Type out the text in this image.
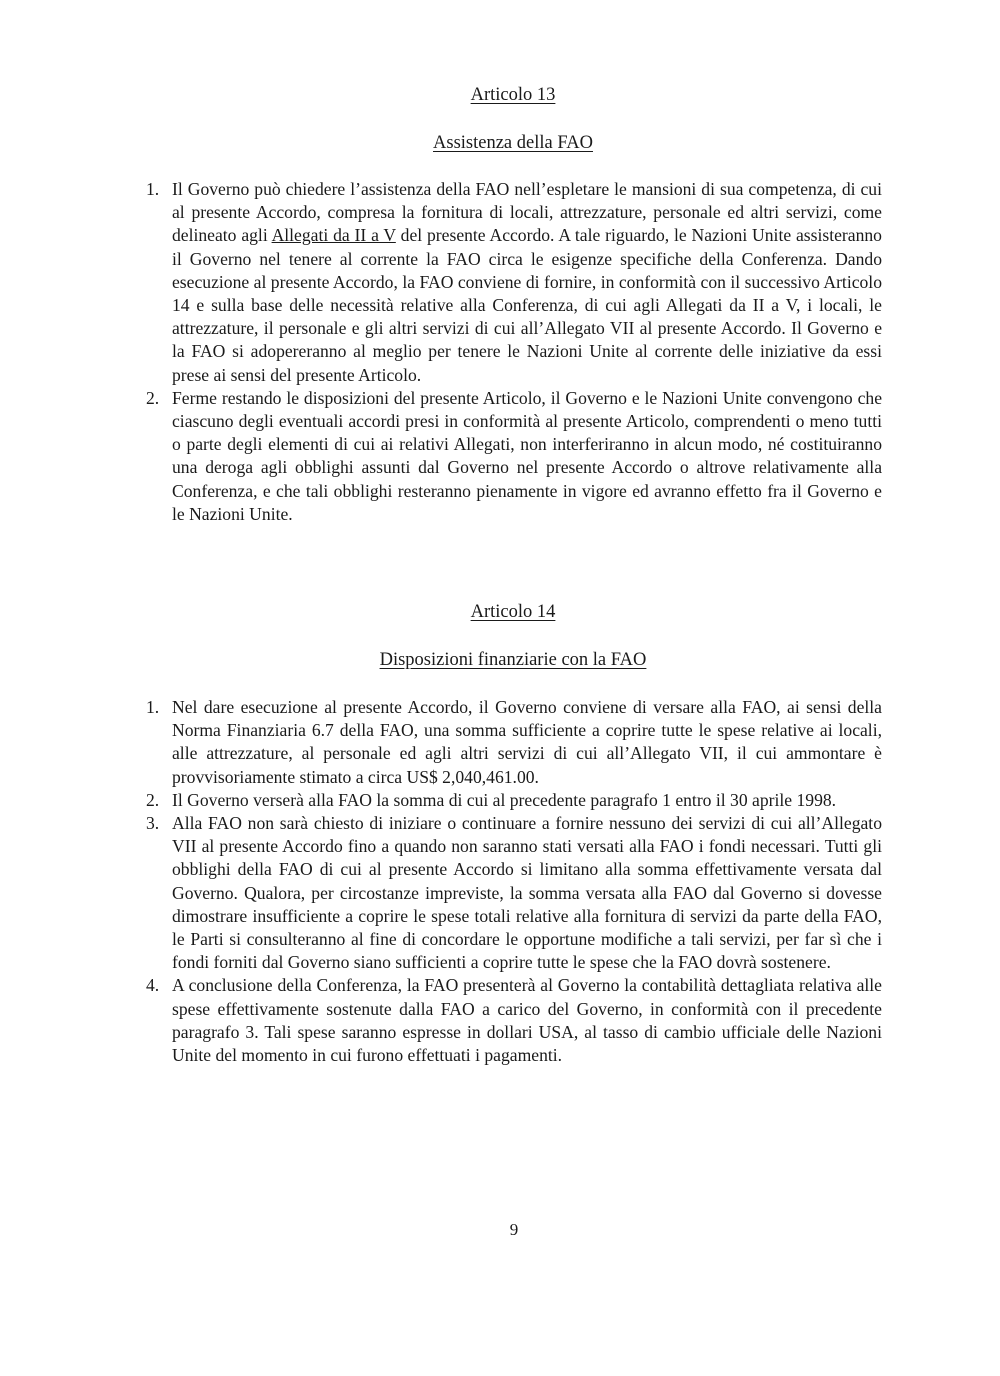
Articolo 13
Assistenza della FAO
1. Il Governo può chiedere l’assistenza della FAO nell’espletare le mansioni di sua competenza, di cui al presente Accordo, compresa la fornitura di locali, attrezzature, personale ed altri servizi, come delineato agli Allegati da II a V del presente Accordo. A tale riguardo, le Nazioni Unite assisteranno il Governo nel tenere al corrente la FAO circa le esigenze specifiche della Conferenza. Dando esecuzione al presente Accordo, la FAO conviene di fornire, in conformità con il successivo Articolo 14 e sulla base delle necessità relative alla Conferenza, di cui agli Allegati da II a V, i locali, le attrezzature, il personale e gli altri servizi di cui all’Allegato VII al presente Accordo. Il Governo e la FAO si adopereranno al meglio per tenere le Nazioni Unite al corrente delle iniziative da essi prese ai sensi del presente Articolo.
2. Ferme restando le disposizioni del presente Articolo, il Governo e le Nazioni Unite convengono che ciascuno degli eventuali accordi presi in conformità al presente Articolo, comprendenti o meno tutti o parte degli elementi di cui ai relativi Allegati, non interferiranno in alcun modo, né costituiranno una deroga agli obblighi assunti dal Governo nel presente Accordo o altrove relativamente alla Conferenza, e che tali obblighi resteranno pienamente in vigore ed avranno effetto fra il Governo e le Nazioni Unite.
Articolo 14
Disposizioni finanziarie con la FAO
1. Nel dare esecuzione al presente Accordo, il Governo conviene di versare alla FAO, ai sensi della Norma Finanziaria 6.7 della FAO, una somma sufficiente a coprire tutte le spese relative ai locali, alle attrezzature, al personale ed agli altri servizi di cui all’Allegato VII, il cui ammontare è provvisoriamente stimato a circa US$ 2,040,461.00.
2. Il Governo verserà alla FAO la somma di cui al precedente paragrafo 1 entro il 30 aprile 1998.
3. Alla FAO non sarà chiesto di iniziare o continuare a fornire nessuno dei servizi di cui all’Allegato VII al presente Accordo fino a quando non saranno stati versati alla FAO i fondi necessari. Tutti gli obblighi della FAO di cui al presente Accordo si limitano alla somma effettivamente versata dal Governo. Qualora, per circostanze impreviste, la somma versata alla FAO dal Governo si dovesse dimostrare insufficiente a coprire le spese totali relative alla fornitura di servizi da parte della FAO, le Parti si consulteranno al fine di concordare le opportune modifiche a tali servizi, per far sì che i fondi forniti dal Governo siano sufficienti a coprire tutte le spese che la FAO dovrà sostenere.
4. A conclusione della Conferenza, la FAO presenterà al Governo la contabilità dettagliata relativa alle spese effettivamente sostenute dalla FAO a carico del Governo, in conformità con il precedente paragrafo 3. Tali spese saranno espresse in dollari USA, al tasso di cambio ufficiale delle Nazioni Unite del momento in cui furono effettuati i pagamenti.
9
